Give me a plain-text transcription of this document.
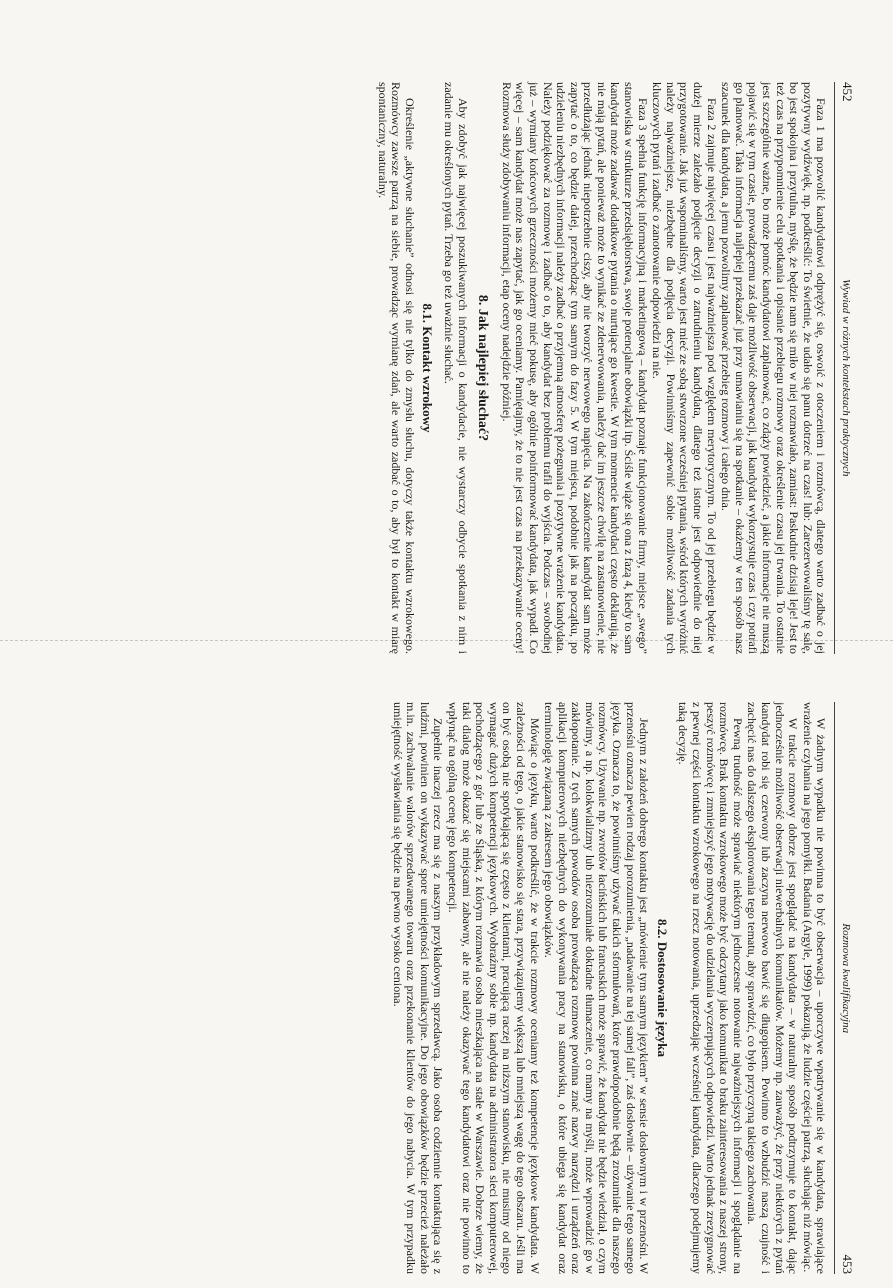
452
Wywiad w różnych kontekstach praktycznych

Faza 1 ma pozwolić kandydatowi odprężyć się, oswoić z otoczeniem i rozmówcą, dlatego warto zadbać o jej pozytywny wydźwięk, np. podkreślić: To świetnie, że udało się panu dotrzeć na czas! lub: Zarezerwowaliśmy tę salę, bo jest spokojna i przytulna, myślę, że będzie nam się miło w niej rozmawiało, zamiast: Paskudnie dzisiaj leje! Jest to też czas na przypomnienie celu spotkania i opisanie przebiegu rozmowy oraz określenie czasu jej trwania. To ostatnie jest szczególnie ważne, bo może pomóc kandydatowi zaplanować, co zdąży powiedzieć, a jakie informacje nie muszą pojawić się w tym czasie, prowadzącemu zaś daje możliwość obserwacji, jak kandydat wykorzystuje czas i czy potrafi go planować. Taka informacja najlepiej przekazać już przy umawianiu się na spotkanie – okażemy w ten sposób nasz szacunek dla kandydata, a jemu pozwolimy zaplanować przebieg rozmowy i całego dnia.

Faza 2 zajmuje najwięcej czasu i jest najważniejsza pod względem merytorycznym. To od jej przebiegu będzie w dużej mierze zależało podjęcie decyzji o zatrudnieniu kandydata, dlatego też istotne jest odpowiednie do niej przygotowanie. Jak już wspominaliśmy, warto jest mieć ze sobą stworzone wcześniej pytania, wśród których wyróżnić należy najważniejsze, niezbędne dla podjęcia decyzji. Powinniśmy zapewnić sobie możliwość zadania tych kluczowych pytań i zadbać o zanotowanie odpowiedzi na nie.

Faza 3 spełnia funkcję informacyjną i marketingową – kandydat poznaje funkcjonowanie firmy, miejsce „swego” stanowiska w strukturze przedsiębiorstwa, swoje potencjalne obowiązki itp. Ściśle wiąże się ona z fazą 4, kiedy to sam kandydat może zadawać dodatkowe pytania o nurtujące go kwestie. W tym momencie kandydaci często deklarują, że nie mają pytań, ale ponieważ może to wynikać ze zdenerwowania, należy dać im jeszcze chwilę na zastanowienie, nie przedłużając jednak niepotrzebnie ciszy, aby nie tworzyć nerwowego napięcia. Na zakończenie kandydat sam może zapytać o to, co będzie dalej, przechodząc tym samym do fazy 5. W tym miejscu, podobnie jak na początku, po udzieleniu niezbędnych informacji należy zadbać o przyjemną atmosferę pożegnania i pozytywne wrażenie kandydata. Należy podziękować za rozmowę i zadbać o to, aby kandydat bez problemu trafił do wyjścia. Podczas – swobodnej już – wymiany końcowych grzeczności możemy mieć pokusę, aby ogólnie poinformować kandydata, jak wypadł. Co więcej – sam kandydat może nas zapytać, jak go oceniamy. Pamiętajmy, że to nie jest czas na przekazywanie oceny! Rozmowa służy zdobywaniu informacji, etap oceny nadejdzie później.

8. Jak najlepiej słuchać?

Aby zdobyć jak najwięcej poszukiwanych informacji o kandydacie, nie wystarczy odbycie spotkania z nim i zadanie mu określonych pytań. Trzeba go też uważnie słuchać.

8.1. Kontakt wzrokowy

Określenie „aktywne słuchanie” odnosi się nie tylko do zmysłu słuchu, dotyczy także kontaktu wzrokowego. Rozmówcy zawsze patrzą na siebie, prowadząc wymianę zdań, ale warto zadbać o to, aby był to kontakt w miarę spontaniczny, naturalny.

Rozmowa kwalifikacyjna
453

W żadnym wypadku nie powinna to być obserwacja – uporczywe wpatrywanie się w kandydata, sprawiające wrażenie czyhania na jego pomyłki. Badania (Argyle, 1999) pokazują, że ludzie częściej patrzą, słuchając niż mówiąc.

W trakcie rozmowy dobrze jest spoglądać na kandydata – w naturalny sposób podtrzymuje to kontakt, dając jednocześnie możliwość obserwacji niewerbalnych komunikatów. Możemy np. zauważyć, że przy niektórych z pytań kandydat robi się czerwony lub zaczyna nerwowo bawić się długopisem. Powinno to wzbudzić naszą czujność i zachęcić nas do dalszego eksplorowania tego tematu, aby sprawdzić, co było przyczyną takiego zachowania.

Pewną trudność może sprawiać niektórym jednoczesne notowanie najważniejszych informacji i spoglądanie na rozmówcę. Brak kontaktu wzrokowego może być odczytany jako komunikat o braku zainteresowania z naszej strony, peszyć rozmówcę i zmniejszyć jego motywację do udzielania wyczerpujących odpowiedzi. Warto jednak zrezygnować z pewnej części kontaktu wzrokowego na rzecz notowania, uprzedzając wcześniej kandydata, dlaczego podejmujemy taką decyzję.

8.2. Dostosowanie języka

Jednym z założeń dobrego kontaktu jest „mówienie tym samym językiem” w sensie dosłownym i w przenośni. W przenośni oznacza pewien rodzaj porozumienia, „nadawanie na tej samej fali”, zaś dosłownie – używanie tego samego języka. Oznacza to, że powinniśmy używać takich sformułowań, które prawdopodobnie będą zrozumiałe dla naszego rozmówcy. Używanie np. zwrotów łacińskich lub francuskich może sprawić, że kandydat nie będzie wiedział, o czym mówimy, a np. kolokwializmy lub niezrozumiałe doktadne tłumaczenie, co mamy na myśli, może wprowadzić go w zakłopotanie. Z tych samych powodów osoba prowadząca rozmowę powinna znać nazwy narzędzi i urządzeń oraz aplikacji komputerowych niezbędnych do wykonywania pracy na stanowisku, o które ubiega się kandydat oraz terminologię związaną z zakresem jego obowiązków.

Mówiąc o języku, warto podkreślić, że w trakcie rozmowy oceniamy też kompetencje językowe kandydata. W zależności od tego, o jakie stanowisko się stara, przywiązujemy większą lub mniejszą wagę do tego obszaru. Jeśli ma on być osobą nie spotykającą się często z klientami, pracującą raczej na niższym stanowisku, nie musimy od niego wymagać dużych kompetencji językowych. Wyobraźmy sobie np. kandydata na administratora sieci komputerowej, pochodzącego z gór lub ze Śląska, z którym rozmawia osoba mieszkająca na stałe w Warszawie. Dobrze wiemy, że taki dialog może okazać się miejscami zabawny, ale nie należy okazywać tego kandydatowi oraz nie powinno to wpłynąć na ogólną ocenę jego kompetencji.

Zupełnie inaczej rzecz ma się z naszym przykładowym sprzedawcą. Jako osoba codziennie kontaktująca się z ludźmi, powinien on wykazywać spore umiejętności komunikacyjne. Do jego obowiązków będzie przecież należało m.in. zachwalanie walorów sprzedawanego towaru oraz przekonanie klientów do jego nabycia. W tym przypadku umiejętność wysławiania się będzie na pewno wysoko ceniona.
